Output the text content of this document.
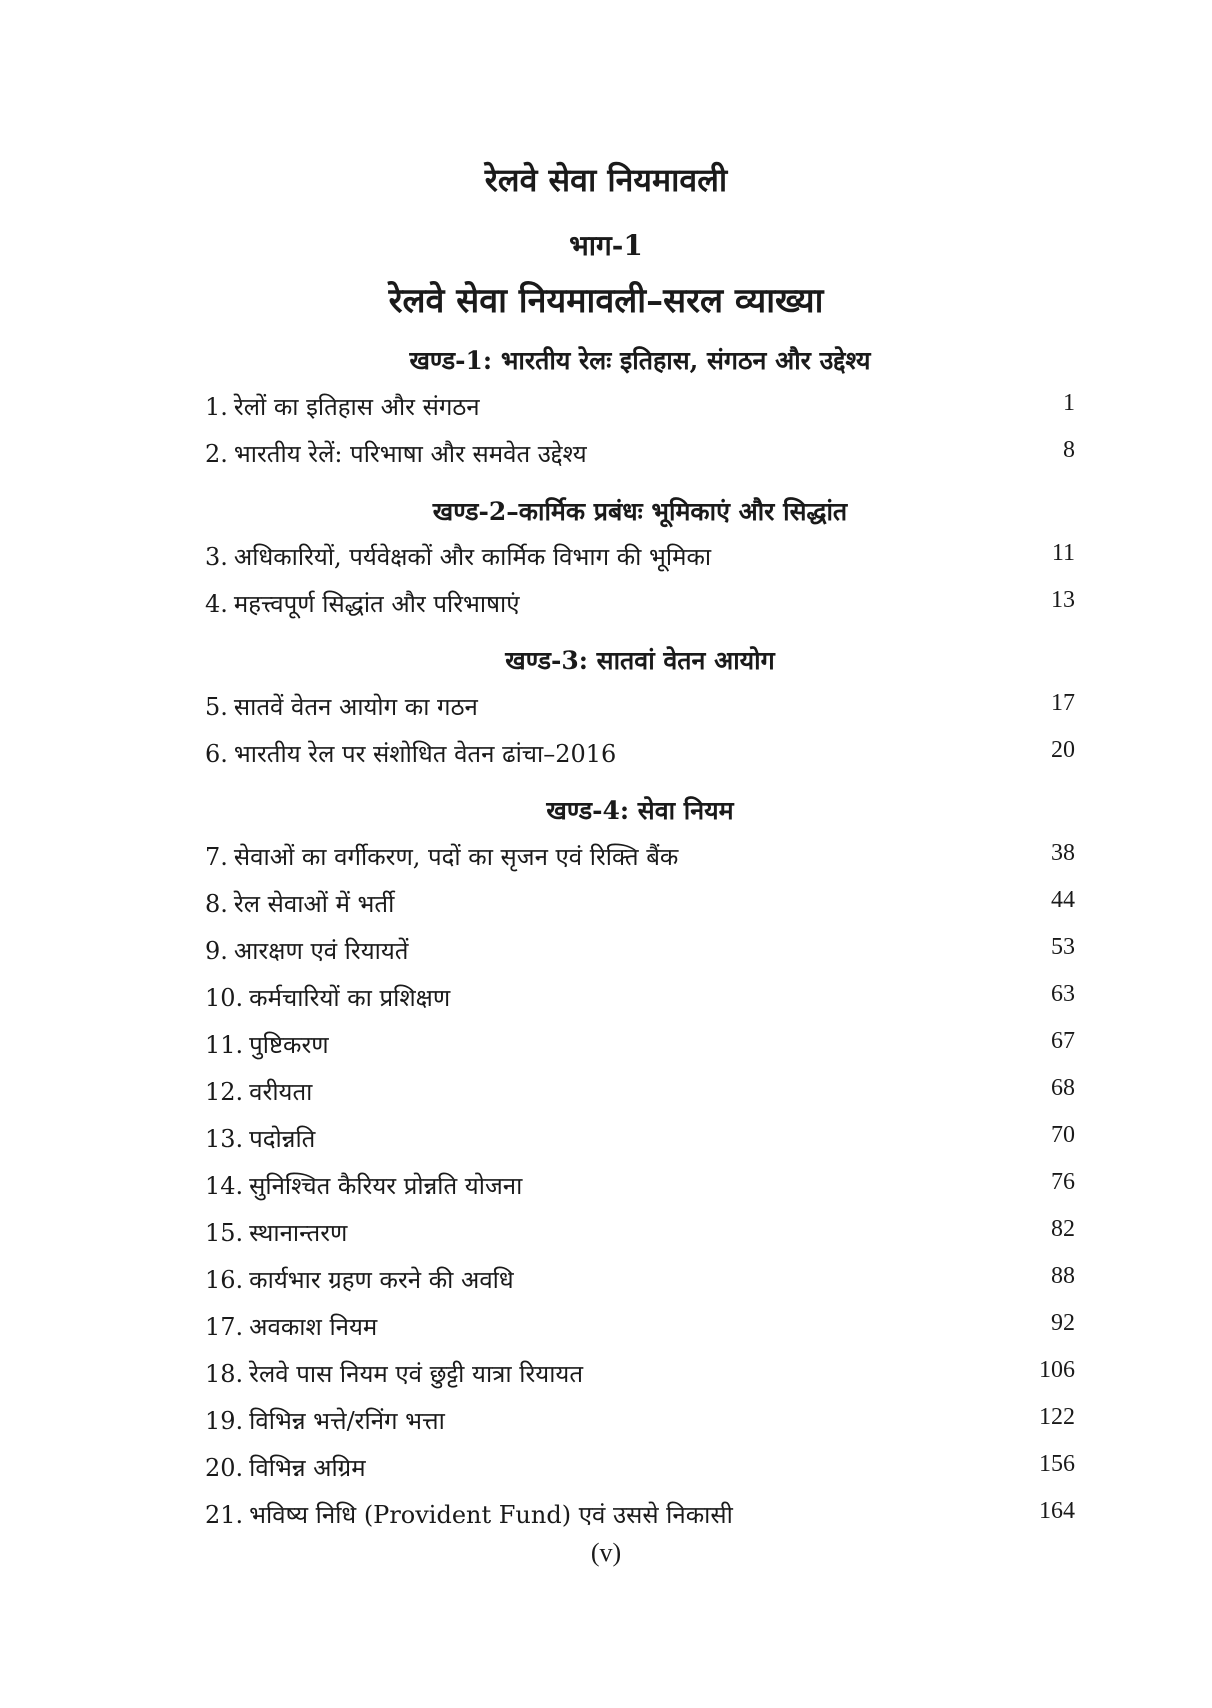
रेलवे सेवा नियमावली
भाग-1
रेलवे सेवा नियमावली–सरल व्याख्या
खण्ड-1: भारतीय रेलः इतिहास, संगठन और उद्देश्य
1. रेलों का इतिहास और संगठन	1
2. भारतीय रेलें: परिभाषा और समवेत उद्देश्य	8
खण्ड-2–कार्मिक प्रबंधः भूमिकाएं और सिद्धांत
3. अधिकारियों, पर्यवेक्षकों और कार्मिक विभाग की भूमिका	11
4. महत्त्वपूर्ण सिद्धांत और परिभाषाएं	13
खण्ड-3: सातवां वेतन आयोग
5. सातवें वेतन आयोग का गठन	17
6. भारतीय रेल पर संशोधित वेतन ढांचा–2016	20
खण्ड-4: सेवा नियम
7. सेवाओं का वर्गीकरण, पदों का सृजन एवं रिक्ति बैंक	38
8. रेल सेवाओं में भर्ती	44
9. आरक्षण एवं रियायतें	53
10. कर्मचारियों का प्रशिक्षण	63
11. पुष्टिकरण	67
12. वरीयता	68
13. पदोन्नति	70
14. सुनिश्चित कैरियर प्रोन्नति योजना	76
15. स्थानान्तरण	82
16. कार्यभार ग्रहण करने की अवधि	88
17. अवकाश नियम	92
18. रेलवे पास नियम एवं छुट्टी यात्रा रियायत	106
19. विभिन्न भत्ते/रनिंग भत्ता	122
20. विभिन्न अग्रिम	156
21. भविष्य निधि (Provident Fund) एवं उससे निकासी	164
(v)
